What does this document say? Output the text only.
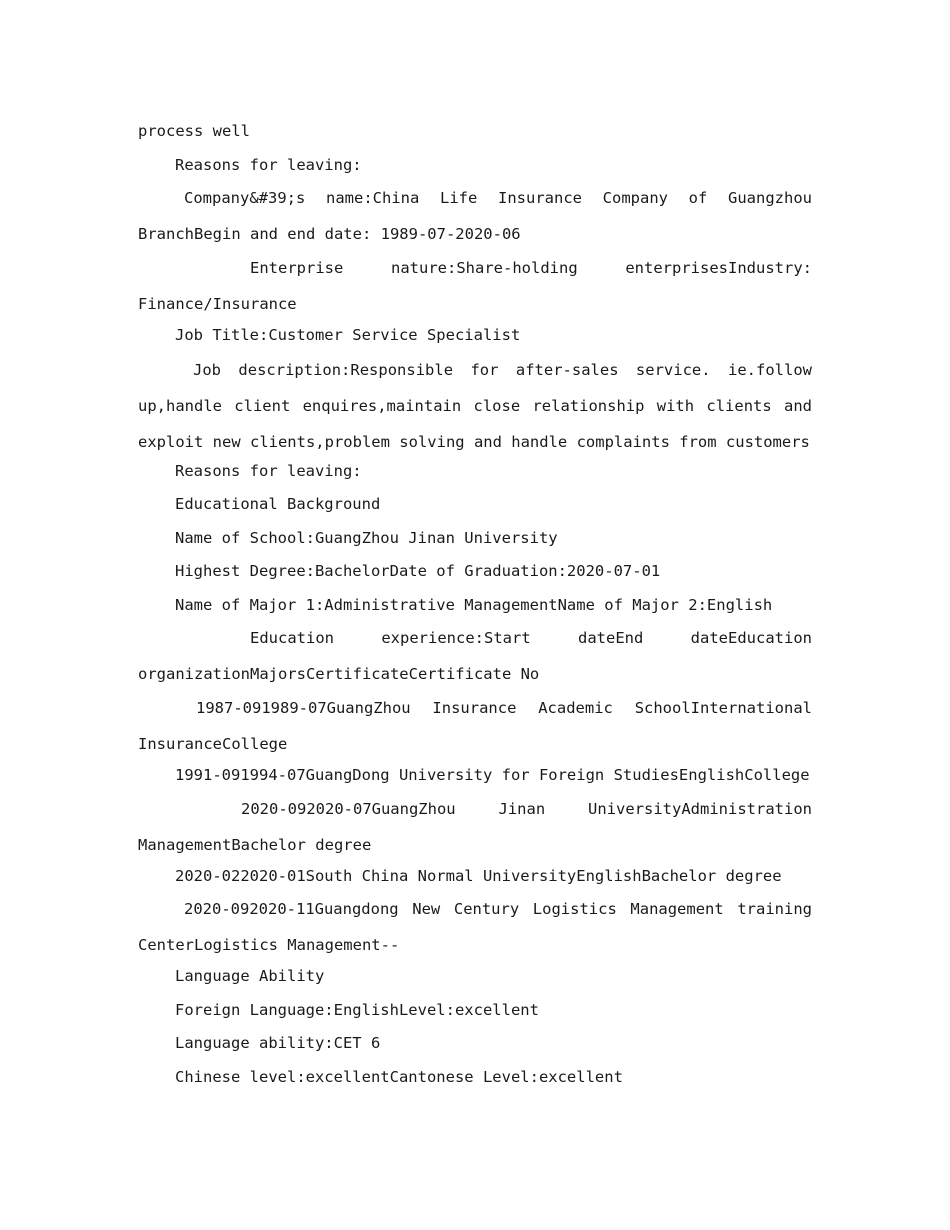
process well
Reasons for leaving:
Company&#39;s name:China Life Insurance Company of Guangzhou BranchBegin and end date: 1989-07-2020-06
Enterprise nature:Share-holding enterprisesIndustry: Finance/Insurance
Job Title:Customer Service Specialist
Job description:Responsible for after-sales service. ie.follow up,handle client enquires,maintain close relationship with clients and exploit new clients,problem solving and handle complaints from customers
Reasons for leaving:
Educational Background
Name of School:GuangZhou Jinan University
Highest Degree:BachelorDate of Graduation:2020-07-01
Name of Major 1:Administrative ManagementName of Major 2:English
Education experience:Start dateEnd dateEducation organizationMajorsCertificateCertificate No
1987-091989-07GuangZhou Insurance Academic SchoolInternational InsuranceCollege
1991-091994-07GuangDong University for Foreign StudiesEnglishCollege
2020-092020-07GuangZhou Jinan UniversityAdministration ManagementBachelor degree
2020-022020-01South China Normal UniversityEnglishBachelor degree
2020-092020-11Guangdong New Century Logistics Management training CenterLogistics Management--
Language Ability
Foreign Language:EnglishLevel:excellent
Language ability:CET 6
Chinese level:excellentCantonese Level:excellent
